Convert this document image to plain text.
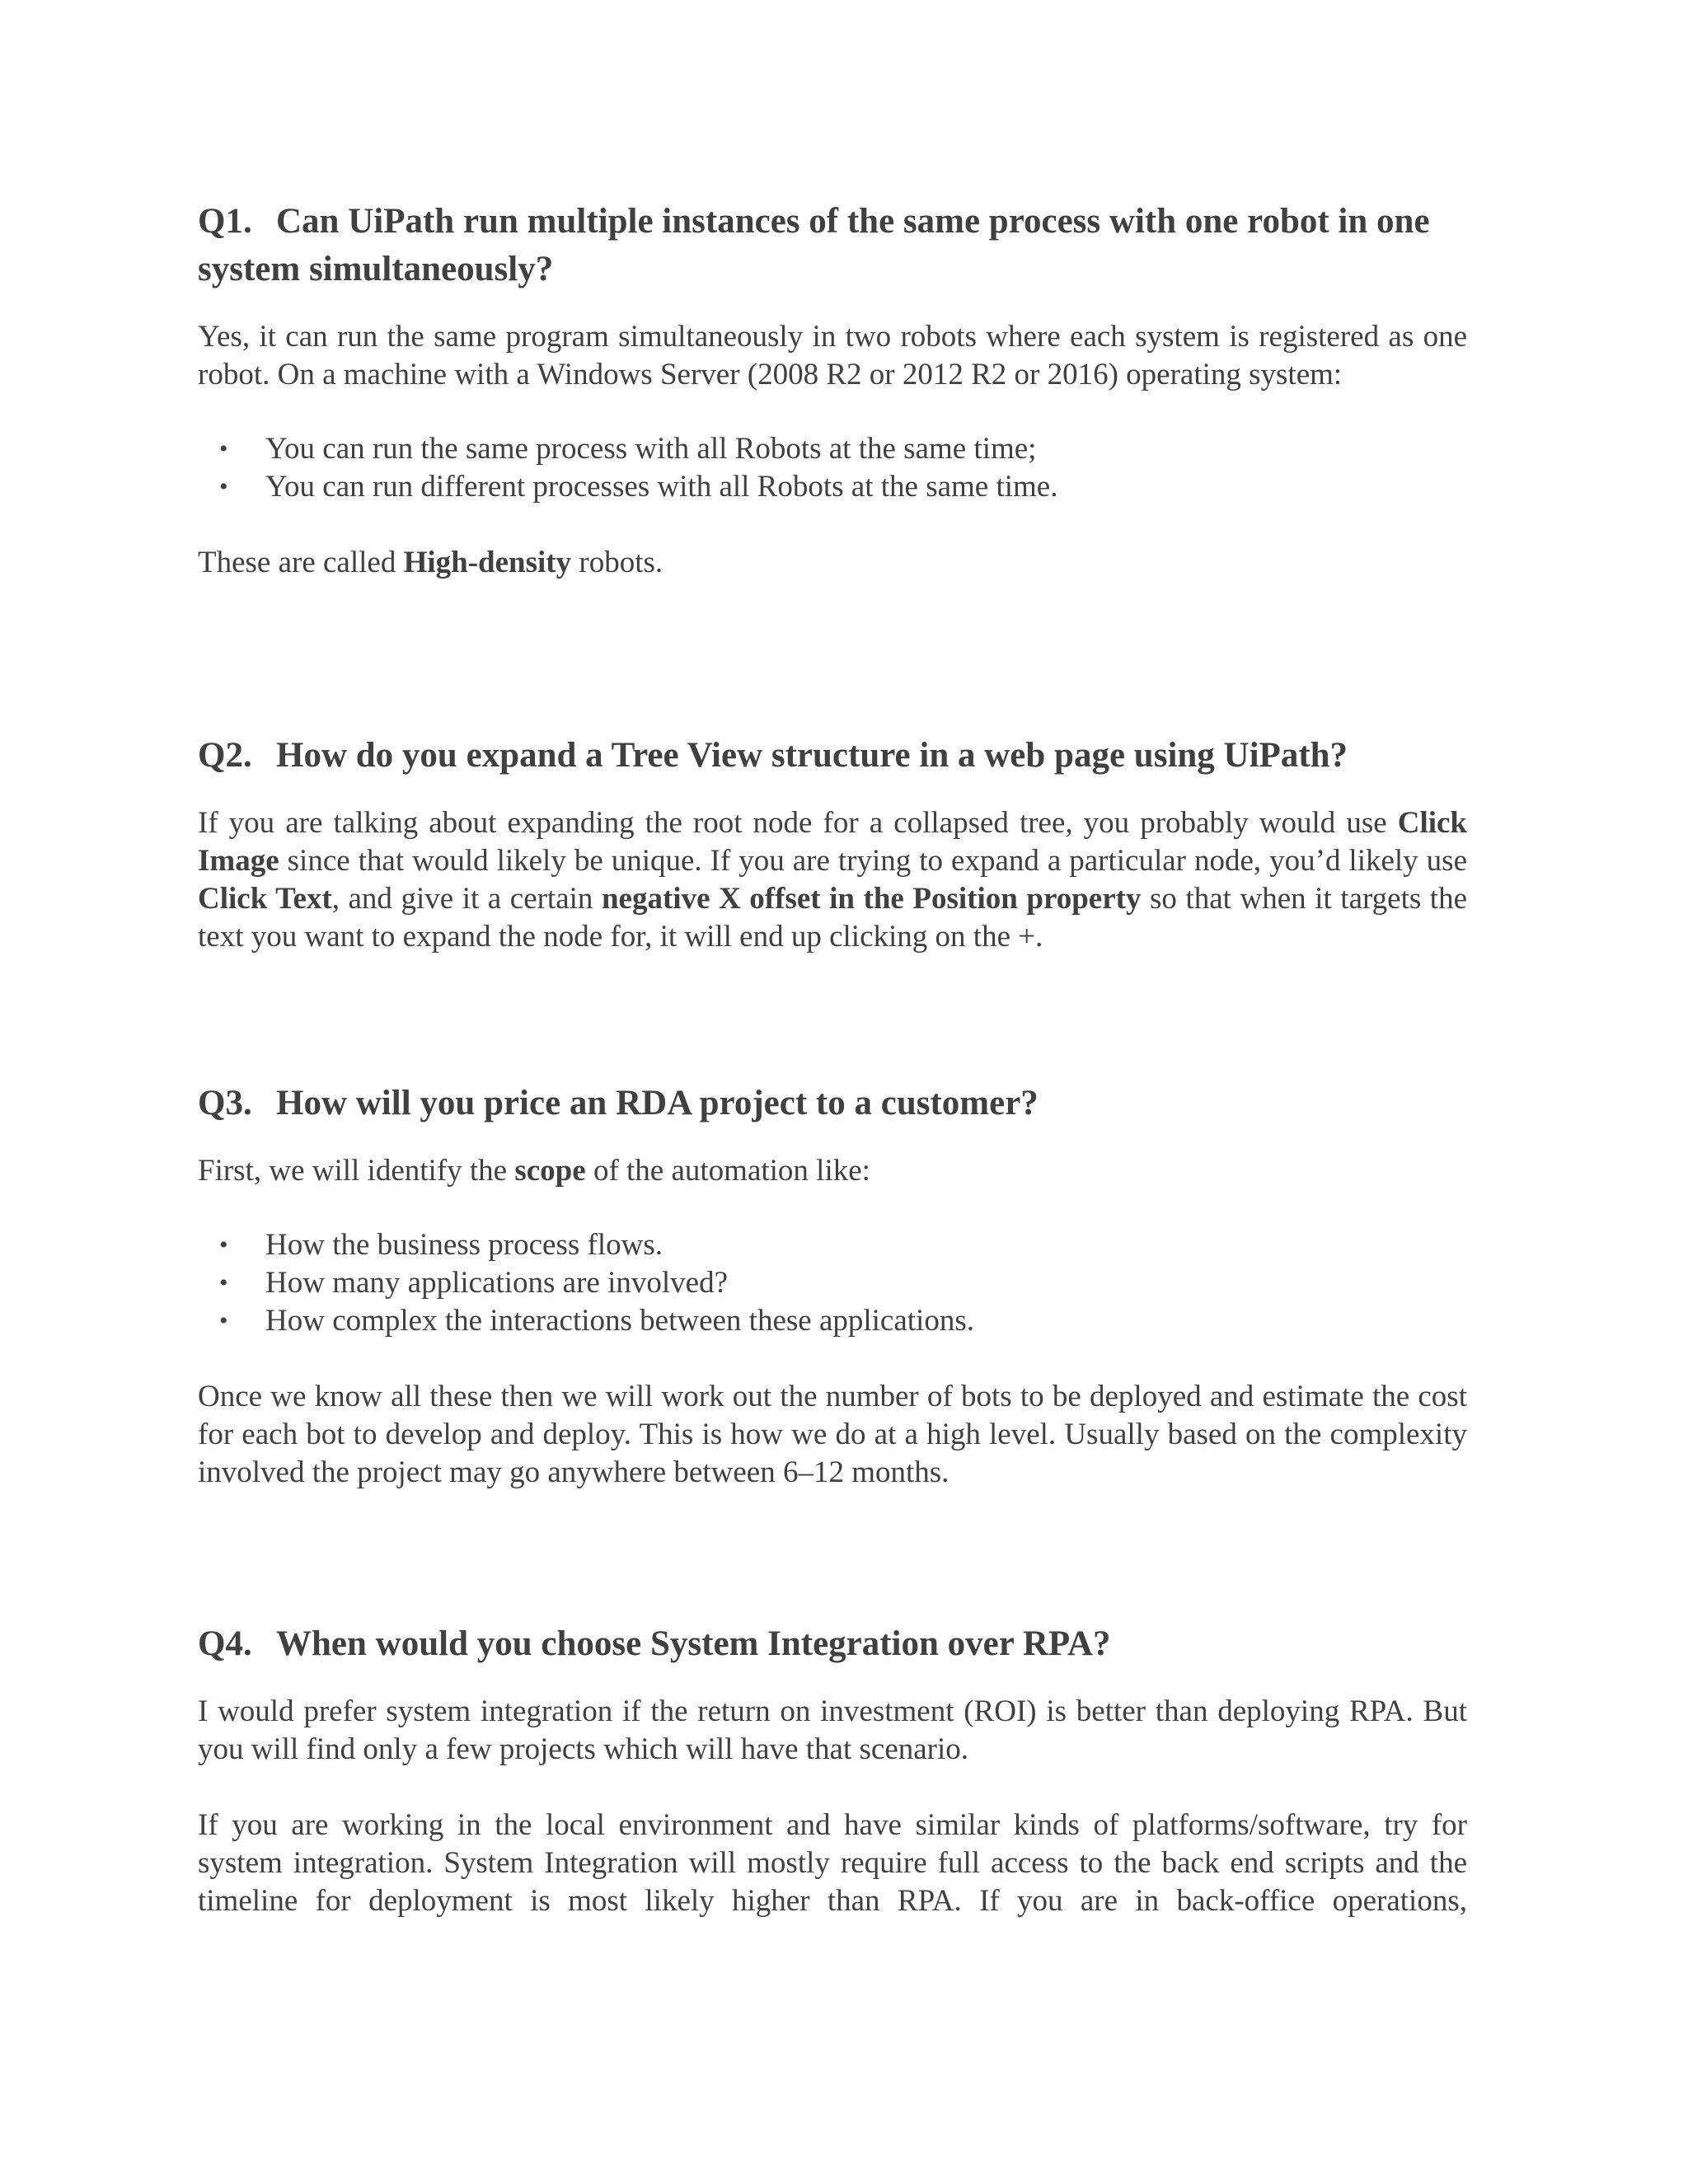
Q1. Can UiPath run multiple instances of the same process with one robot in one system simultaneously?

Yes, it can run the same program simultaneously in two robots where each system is registered as one robot. On a machine with a Windows Server (2008 R2 or 2012 R2 or 2016) operating system:

• You can run the same process with all Robots at the same time;
• You can run different processes with all Robots at the same time.

These are called High-density robots.

Q2. How do you expand a Tree View structure in a web page using UiPath?

If you are talking about expanding the root node for a collapsed tree, you probably would use Click Image since that would likely be unique. If you are trying to expand a particular node, you’d likely use Click Text, and give it a certain negative X offset in the Position property so that when it targets the text you want to expand the node for, it will end up clicking on the +.

Q3. How will you price an RDA project to a customer?

First, we will identify the scope of the automation like:

• How the business process flows.
• How many applications are involved?
• How complex the interactions between these applications.

Once we know all these then we will work out the number of bots to be deployed and estimate the cost for each bot to develop and deploy. This is how we do at a high level. Usually based on the complexity involved the project may go anywhere between 6–12 months.

Q4. When would you choose System Integration over RPA?

I would prefer system integration if the return on investment (ROI) is better than deploying RPA. But you will find only a few projects which will have that scenario.

If you are working in the local environment and have similar kinds of platforms/software, try for system integration. System Integration will mostly require full access to the back end scripts and the timeline for deployment is most likely higher than RPA. If you are in back-office operations,
